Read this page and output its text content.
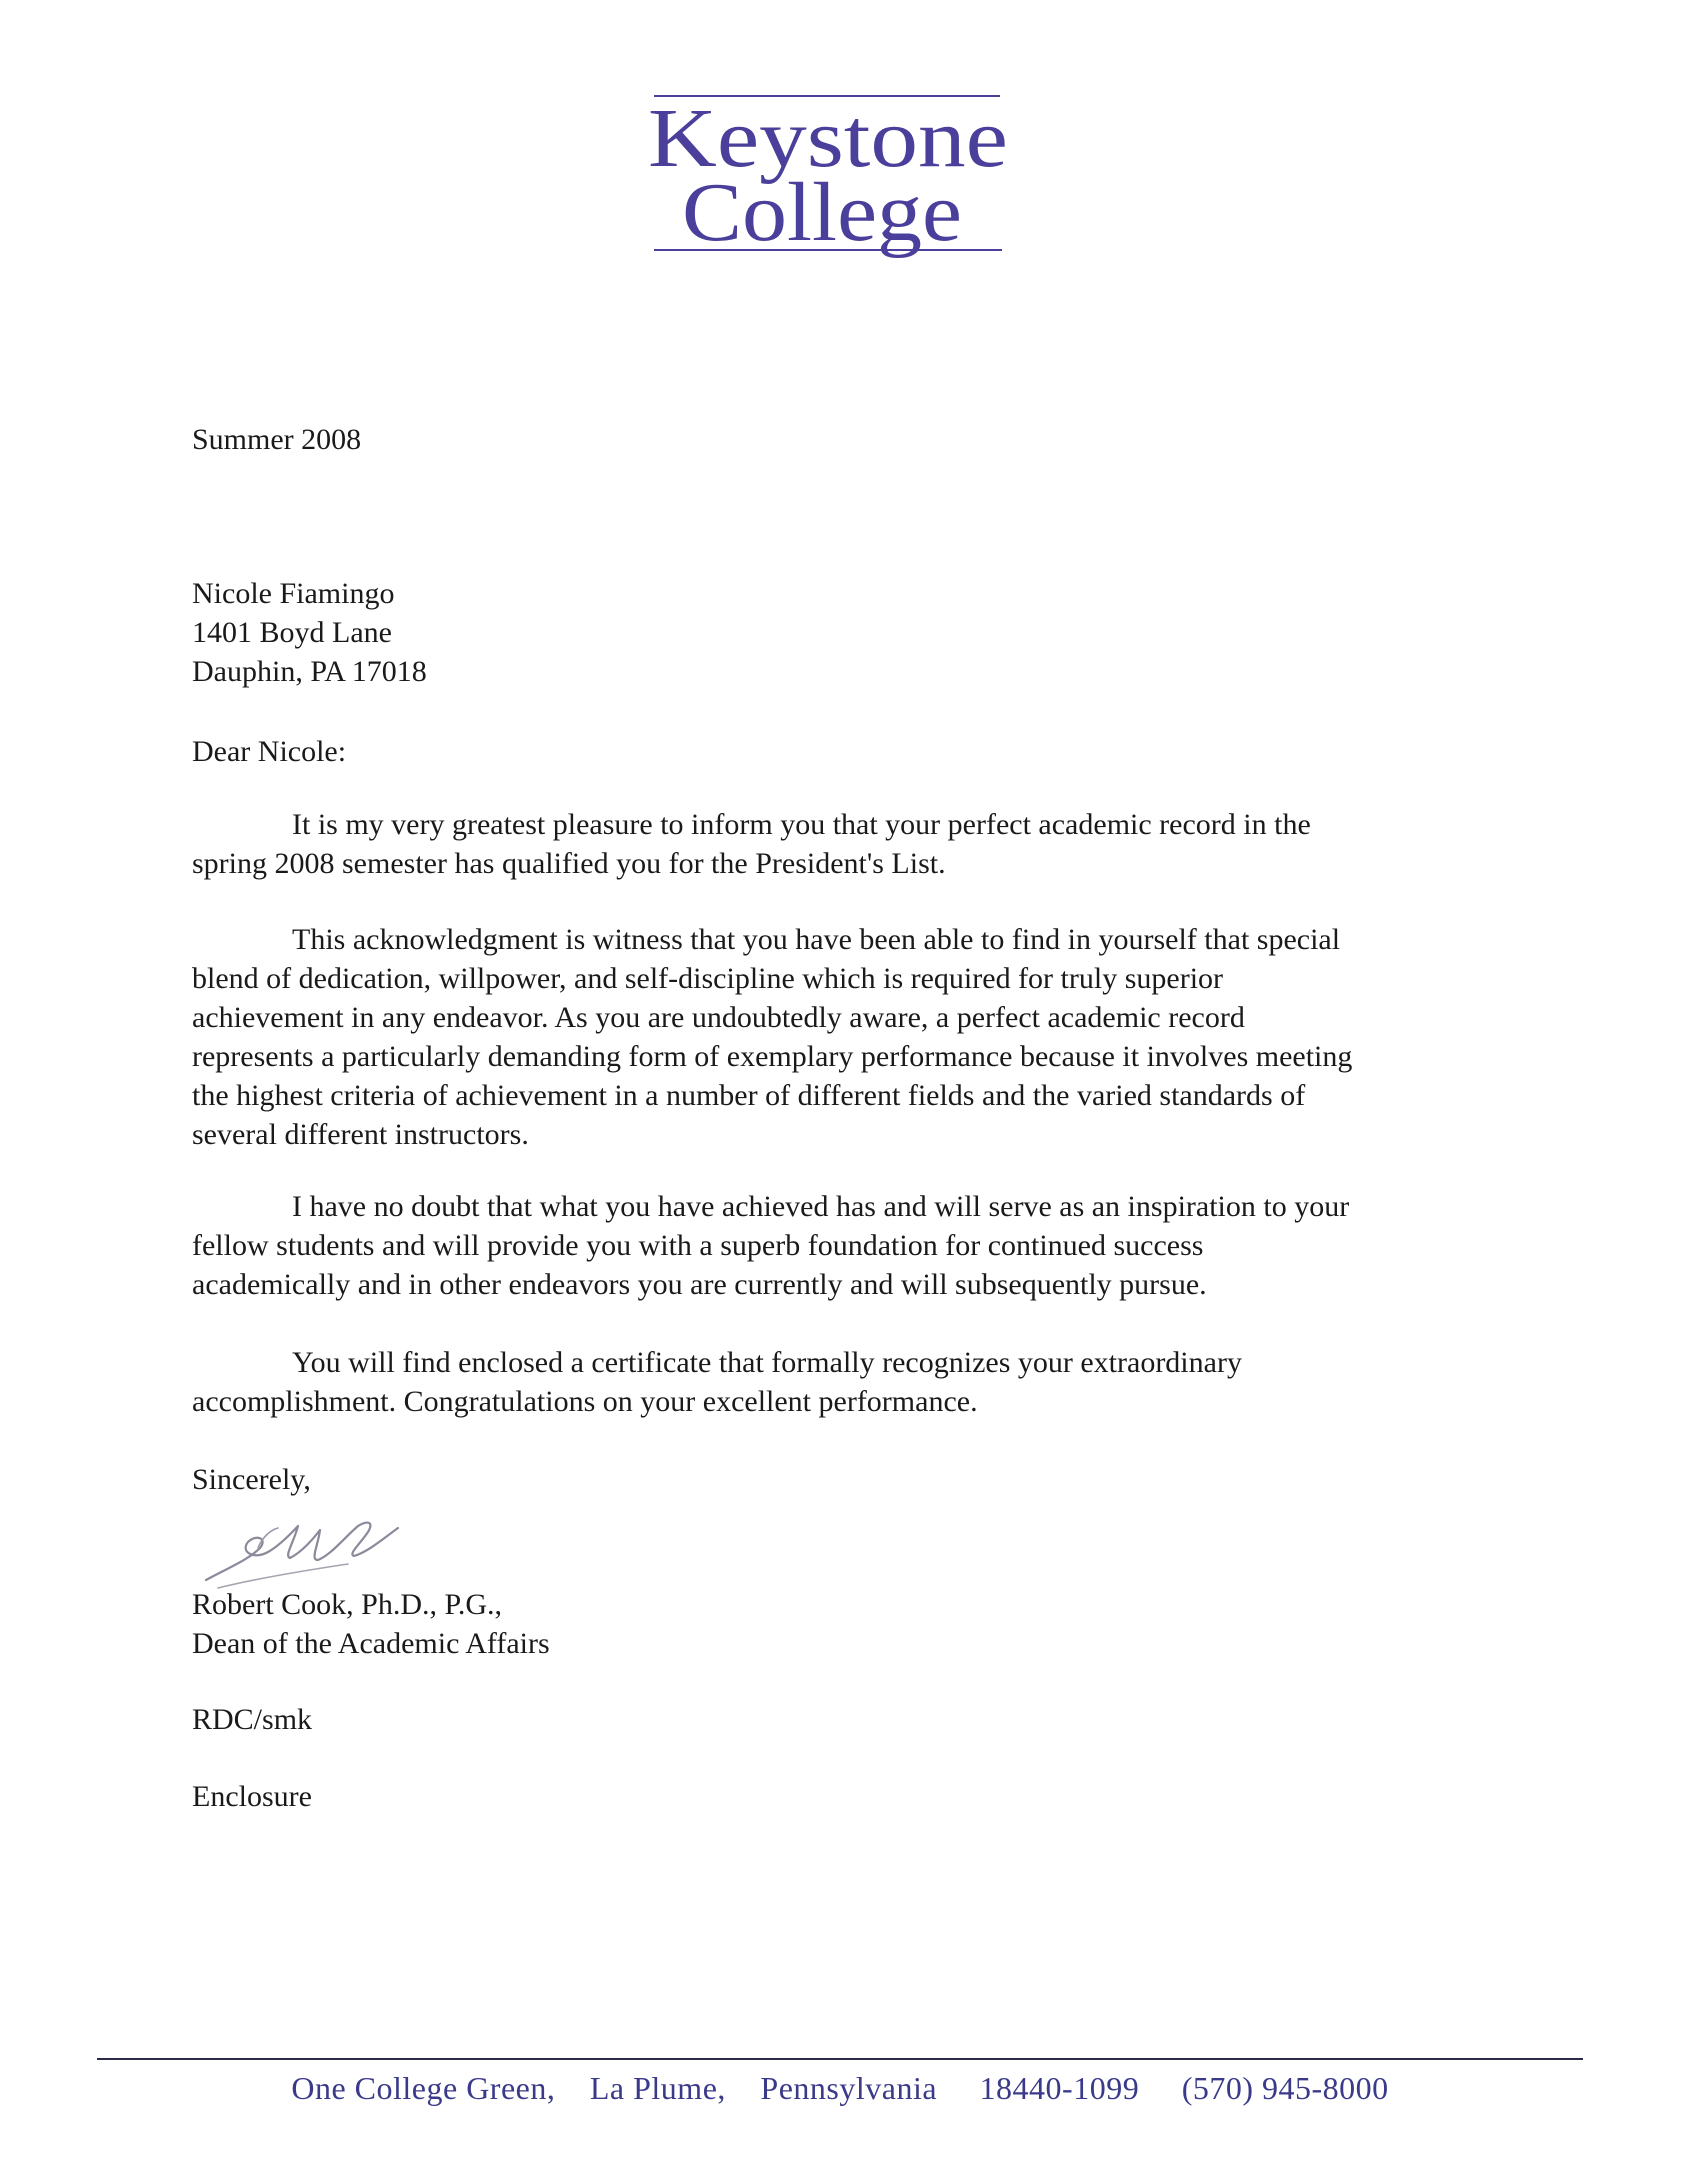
Keystone
College
Summer 2008
Nicole Fiamingo
1401 Boyd Lane
Dauphin, PA 17018
Dear Nicole:
It is my very greatest pleasure to inform you that your perfect academic record in the
spring 2008 semester has qualified you for the President's List.
This acknowledgment is witness that you have been able to find in yourself that special
blend of dedication, willpower, and self-discipline which is required for truly superior
achievement in any endeavor. As you are undoubtedly aware, a perfect academic record
represents a particularly demanding form of exemplary performance because it involves meeting
the highest criteria of achievement in a number of different fields and the varied standards of
several different instructors.
I have no doubt that what you have achieved has and will serve as an inspiration to your
fellow students and will provide you with a superb foundation for continued success
academically and in other endeavors you are currently and will subsequently pursue.
You will find enclosed a certificate that formally recognizes your extraordinary
accomplishment. Congratulations on your excellent performance.
Sincerely,
Robert Cook, Ph.D., P.G.,
Dean of the Academic Affairs
RDC/smk
Enclosure
One College Green, La Plume, Pennsylvania 18440-1099 (570) 945-8000
